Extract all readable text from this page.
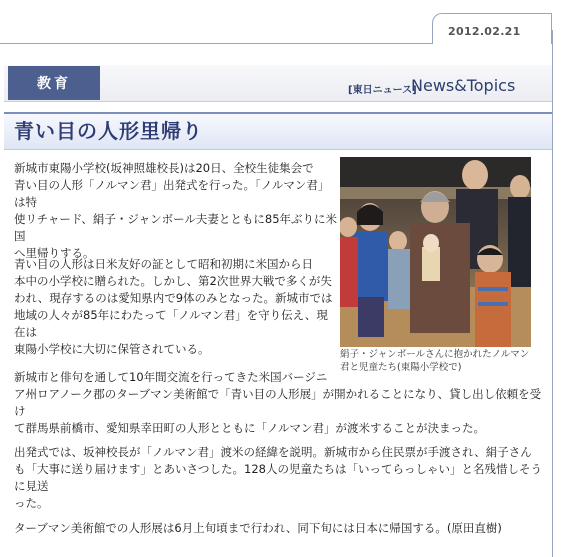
2012.02.21
教育	[東日ニュース]
News&Topics
青い目の人形里帰り
新城市東陽小学校(坂神照雄校長)は20日、全校生徒集会で
青い目の人形「ノルマン君」出発式を行った。「ノルマン君」は特
使リチャード、絹子・ジャンボール夫妻とともに85年ぶりに米国
へ里帰りする。
絹子・ジャンボールさんに抱かれたノルマン
君と児童たち(東陽小学校で)
青い目の人形は日米友好の証として昭和初期に米国から日
本中の小学校に贈られた。しかし、第2次世界大戦で多くが失
われ、現存するのは愛知県内で9体のみとなった。新城市では
地域の人々が85年にわたって「ノルマン君」を守り伝え、現在は
東陽小学校に大切に保管されている。
新城市と俳句を通して10年間交流を行ってきた米国バージニ
ア州ロアノーク郡のターブマン美術館で「青い目の人形展」が開かれることになり、貸し出し依頼を受け
て群馬県前橋市、愛知県幸田町の人形とともに「ノルマン君」が渡米することが決まった。
出発式では、坂神校長が「ノルマン君」渡米の経緯を説明。新城市から住民票が手渡され、絹子さん
も「大事に送り届けます」とあいさつした。128人の児童たちは「いってらっしゃい」と名残惜しそうに見送
った。
ターブマン美術館での人形展は6月上旬頃まで行われ、同下旬には日本に帰国する。(原田直樹)
